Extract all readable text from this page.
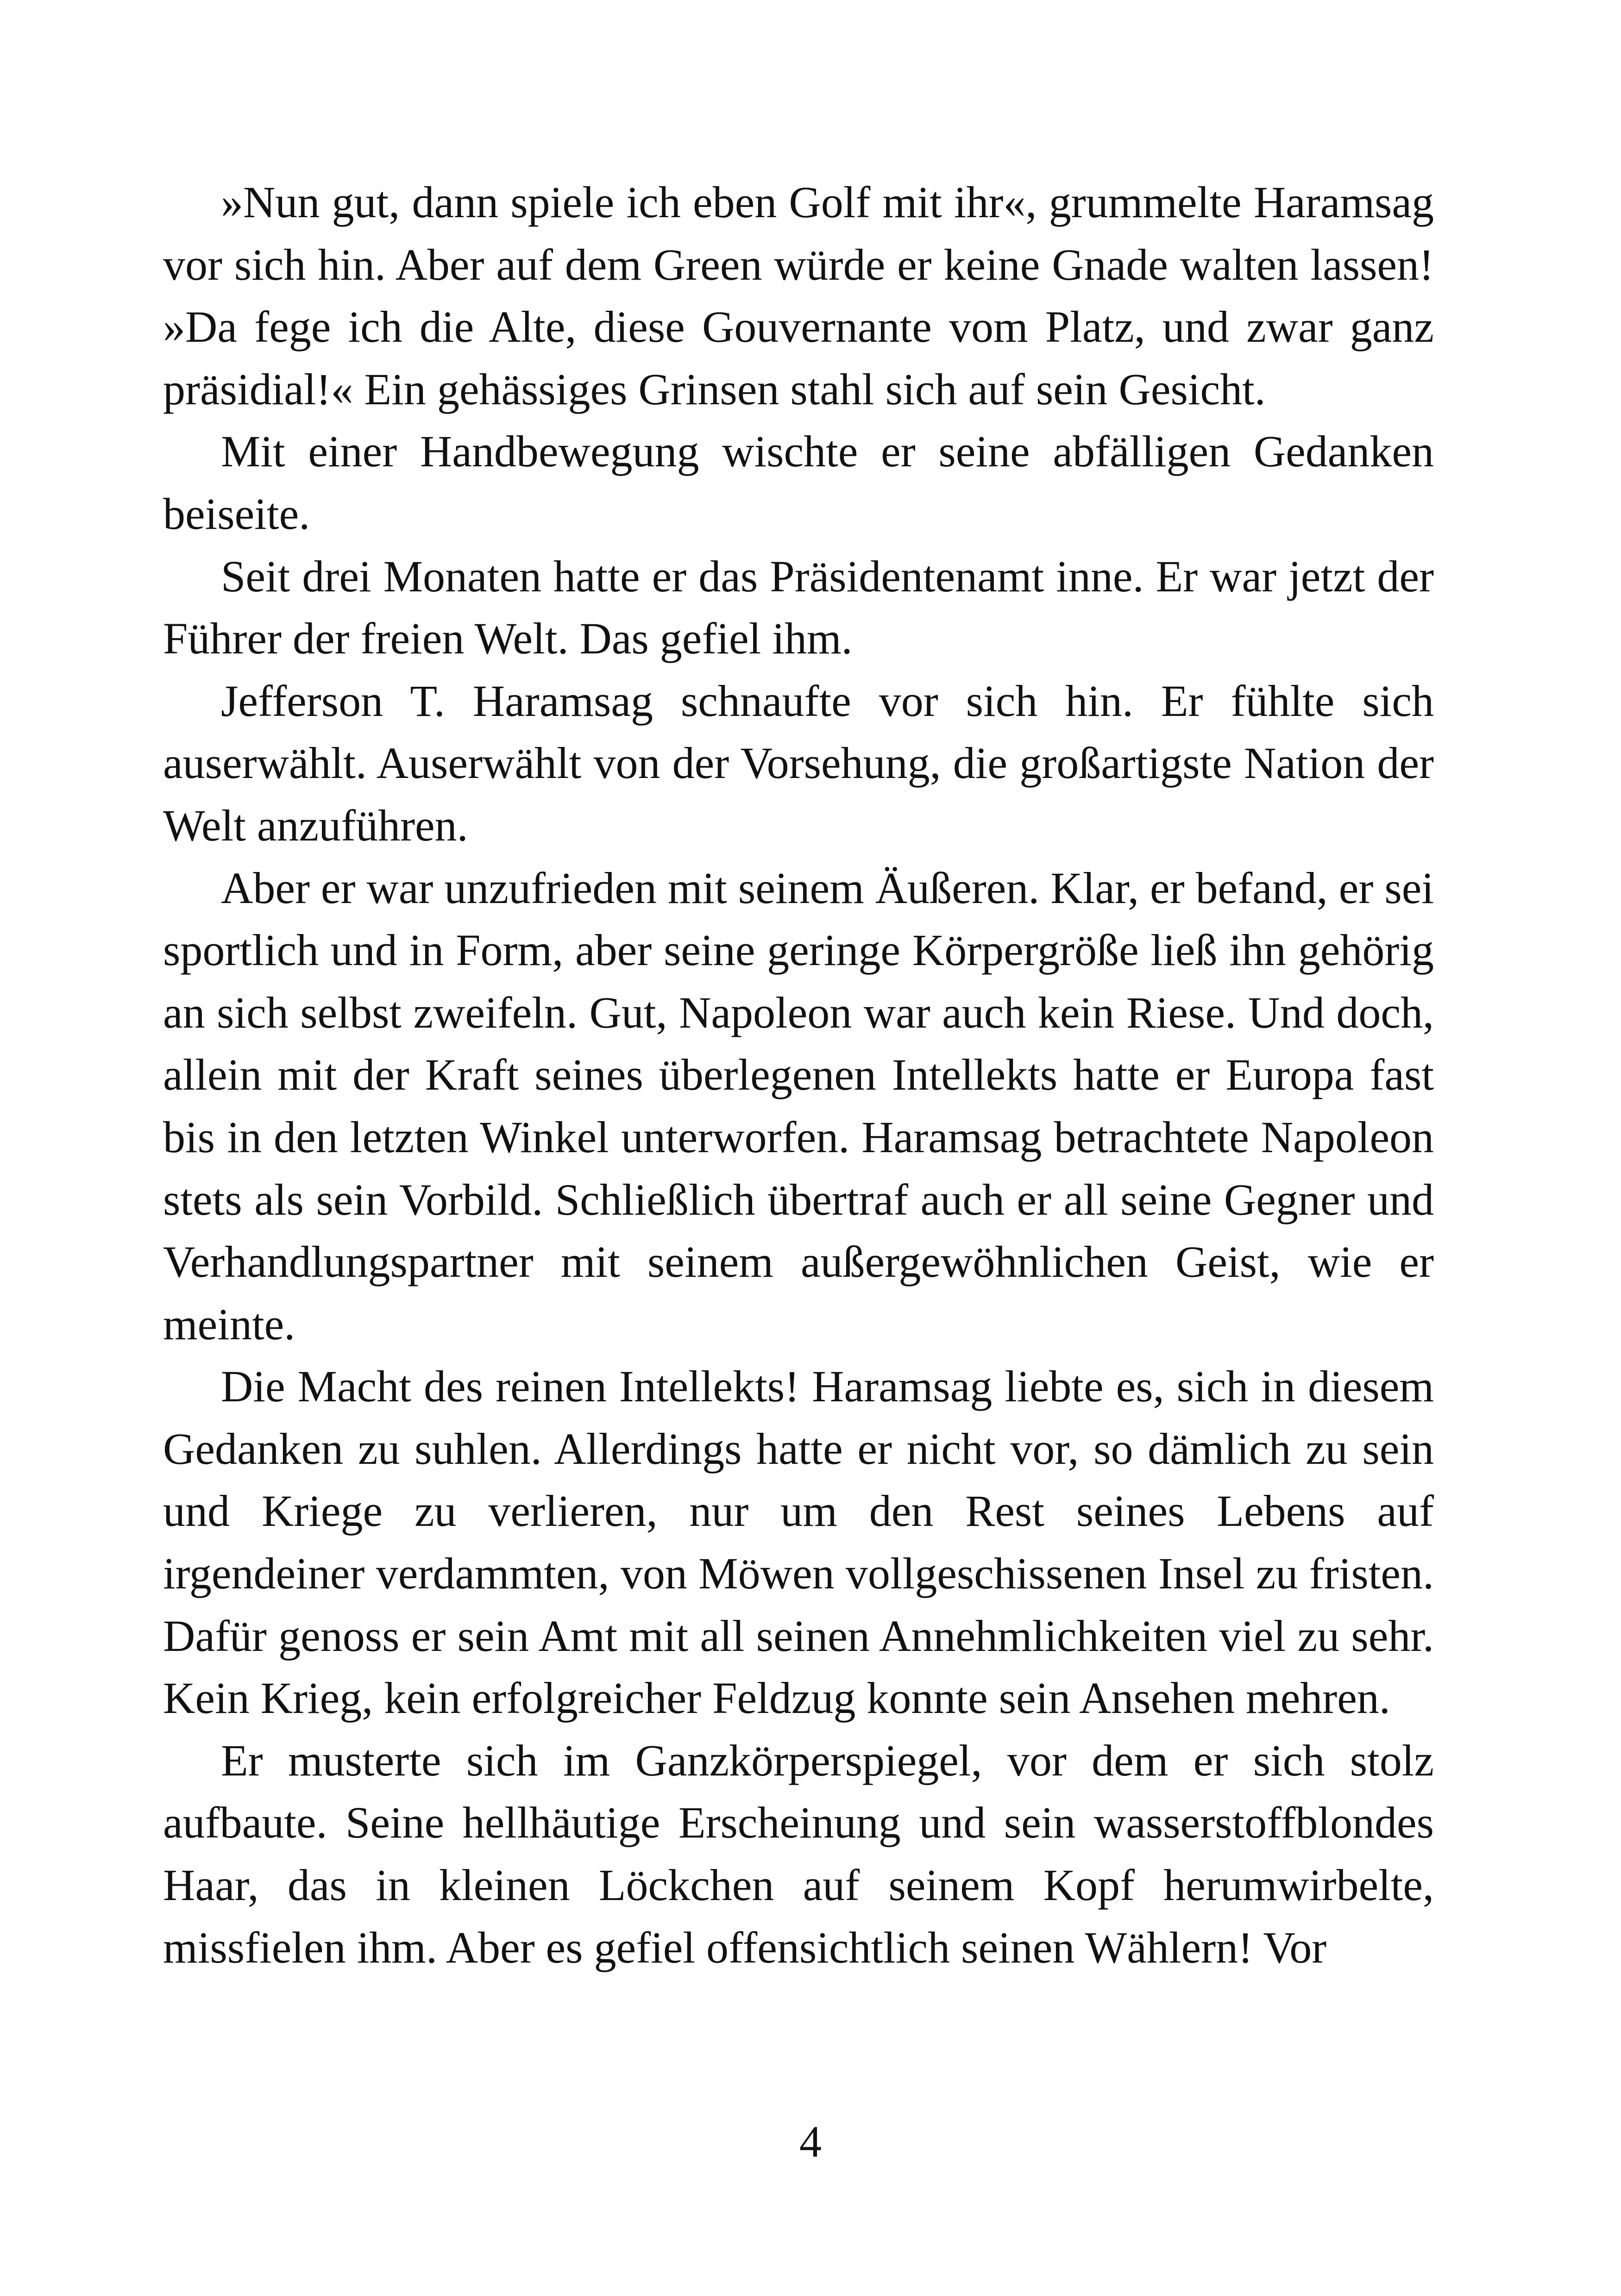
»Nun gut, dann spiele ich eben Golf mit ihr«, grummelte Haramsag vor sich hin. Aber auf dem Green würde er keine Gnade walten lassen! »Da fege ich die Alte, diese Gouvernante vom Platz, und zwar ganz präsidial!« Ein gehässiges Grinsen stahl sich auf sein Gesicht.

Mit einer Handbewegung wischte er seine abfälligen Gedanken beiseite.

Seit drei Monaten hatte er das Präsidentenamt inne. Er war jetzt der Führer der freien Welt. Das gefiel ihm.

Jefferson T. Haramsag schnaufte vor sich hin. Er fühlte sich auserwählt. Auserwählt von der Vorsehung, die großartigste Nation der Welt anzuführen.

Aber er war unzufrieden mit seinem Äußeren. Klar, er befand, er sei sportlich und in Form, aber seine geringe Körpergröße ließ ihn gehörig an sich selbst zweifeln. Gut, Napoleon war auch kein Riese. Und doch, allein mit der Kraft seines überlegenen Intellekts hatte er Europa fast bis in den letzten Winkel unterworfen. Haramsag betrachtete Napoleon stets als sein Vorbild. Schließlich übertraf auch er all seine Gegner und Verhandlungspartner mit seinem außergewöhnlichen Geist, wie er meinte.

Die Macht des reinen Intellekts! Haramsag liebte es, sich in diesem Gedanken zu suhlen. Allerdings hatte er nicht vor, so dämlich zu sein und Kriege zu verlieren, nur um den Rest seines Lebens auf irgendeiner verdammten, von Möwen vollgeschissenen Insel zu fristen. Dafür genoss er sein Amt mit all seinen Annehmlichkeiten viel zu sehr. Kein Krieg, kein erfolgreicher Feldzug konnte sein Ansehen mehren.

Er musterte sich im Ganzkörperspiegel, vor dem er sich stolz aufbaute. Seine hellhäutige Erscheinung und sein wasserstoffblondes Haar, das in kleinen Löckchen auf seinem Kopf herumwirbelte, missfielen ihm. Aber es gefiel offensichtlich seinen Wählern! Vor

4
